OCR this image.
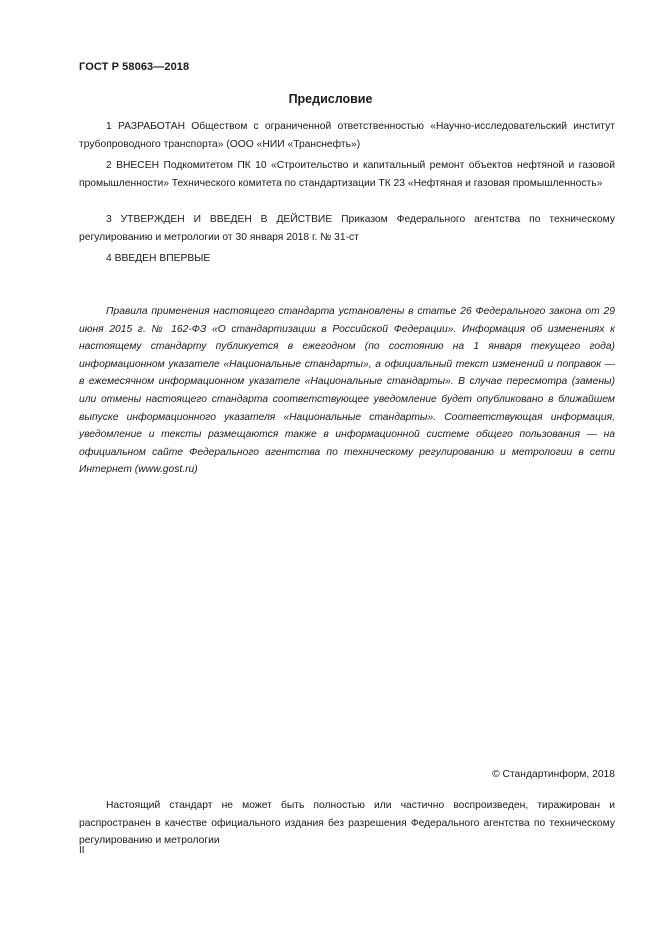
ГОСТ Р 58063—2018
Предисловие

1 РАЗРАБОТАН Обществом с ограниченной ответственностью «Научно-исследовательский институт трубопроводного транспорта» (ООО «НИИ «Транснефть»)

2 ВНЕСЕН Подкомитетом ПК 10 «Строительство и капитальный ремонт объектов нефтяной и газовой промышленности» Технического комитета по стандартизации ТК 23 «Нефтяная и газовая промышленность»

3 УТВЕРЖДЕН И ВВЕДЕН В ДЕЙСТВИЕ Приказом Федерального агентства по техническому регулированию и метрологии от 30 января 2018 г. № 31-ст

4 ВВЕДЕН ВПЕРВЫЕ

Правила применения настоящего стандарта установлены в статье 26 Федерального закона от 29 июня 2015 г. № 162-ФЗ «О стандартизации в Российской Федерации». Информация об изменениях к настоящему стандарту публикуется в ежегодном (по состоянию на 1 января текущего года) информационном указателе «Национальные стандарты», а официальный текст изменений и поправок — в ежемесячном информационном указателе «Национальные стандарты». В случае пересмотра (замены) или отмены настоящего стандарта соответствующее уведомление будет опубликовано в ближайшем выпуске информационного указателя «Национальные стандарты». Соответствующая информация, уведомление и тексты размещаются также в информационной системе общего пользования — на официальном сайте Федерального агентства по техническому регулированию и метрологии в сети Интернет (www.gost.ru)

© Стандартинформ, 2018

Настоящий стандарт не может быть полностью или частично воспроизведен, тиражирован и распространен в качестве официального издания без разрешения Федерального агентства по техническому регулированию и метрологии

II
